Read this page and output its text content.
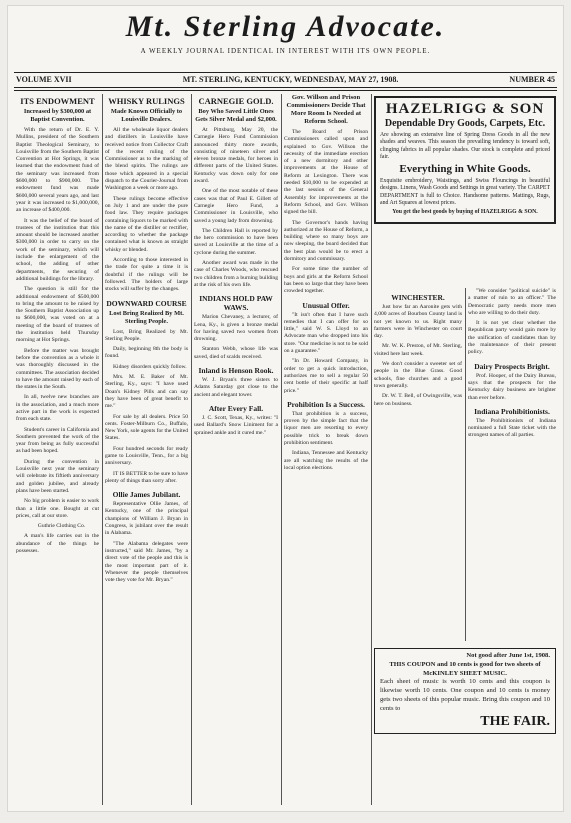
Mt. Sterling Advocate.
A WEEKLY JOURNAL IDENTICAL IN INTEREST WITH ITS OWN PEOPLE.
VOLUME XVII	MT. STERLING, KENTUCKY, WEDNESDAY, MAY 27, 1908.	NUMBER 45
ITS ENDOWMENT
Increased by $300,000 at Baptist Convention.
With the return of Dr. E. Y. Mullins, president of the Southern Baptist Theological Seminary, to Louisville from the Southern Baptist Convention at Hot Springs, it was learned that the endowment fund of the seminary was increased from $600,000 to $900,000. The endowment fund was made $600,000 several years ago, and last year it was increased to $1,000,000, an increase of $400,000.
It was the belief of the board of trustees of the institution that this amount should be increased another $300,000 in order to carry on the work of the seminary, which will include the enlargement of the school, the adding of other departments, the securing of additional buildings for the library.
The question is still for the additional endowment of $500,000 to bring the amount to be raised by the Southern Baptist Association up to $600,000, was voted on at a meeting of the board of trustees of the institution held Thursday morning at Hot Springs.
Before the matter was brought before the convention as a whole it was thoroughly discussed in the committees. The association decided to have the amount raised by each of the states in the South.
In all, twelve new branches are in the association, and a much more active part in the work is expected from each state.
Student's career in California and Southern prevented the work of the year from being as fully successful as had been hoped.
During the convention in Louisville next year the seminary will celebrate its fiftieth anniversary and golden jubilee, and already plans have been started.
No big problem is easier to work than a little one. Bought at cut prices, call at our store.
Guthrie Clothing Co.
A man's life carries out in the abundance of the things he possesses.
WHISKY RULINGS
Made Known Officially to Louisville Dealers.
All the wholesale liquor dealers and distillers in Louisville have received notice from Collector Craft of the recent ruling of the Commissioner as to the marking of the blend spirits. The rulings are those which appeared in a special dispatch to the Courier-Journal from Washington a week or more ago.
These rulings become effective on July 1 and are under the pure food law. They require packages containing liquors to be marked with the name of the distiller or rectifier, according to whether the package contained what is known as straight whisky or blended.
According to those interested in the trade for quite a time it is doubtful if the rulings will be followed. The holders of large stocks will suffer by the changes.
DOWNWARD COURSE
Lost Bring Realized By Mt. Sterling People.
Lost, Bring Realized by Mt. Sterling People.
Daily, beginning 8th the body is found.
Kidney disorders quickly follow.
Mrs. M. E. Baker of Mt. Sterling, Ky., says: "I have used Doan's Kidney Pills and can say they have been of great benefit to me."
For sale by all dealers. Price 50 cents. Foster-Milburn Co., Buffalo, New York, sole agents for the United States.
Four hundred seconds for ready game to Louisville, Tenn., for a big anniversary.
IT IS BETTER to be sure to have plenty of things than sorry after.
Ollie James Jubilant.
Representative Ollie James, of Kentucky, one of the principal champions of William J. Bryan in Congress, is jubilant over the result in Alabama.
"The Alabama delegates were instructed," said Mr. James, "by a direct vote of the people and this is the most important part of it. Whenever the people themselves vote they vote for Mr. Bryan."
CARNEGIE GOLD.
Boy Who Saved Little Ones Gets Silver Medal and $2,000.
At Pittsburg, May 20, the Carnegie Hero Fund Commission announced thirty more awards, consisting of nineteen silver and eleven bronze medals, for heroes in different parts of the United States. Kentucky was down only for one award.
One of the most notable of these cases was that of Paul E. Gillett of Carnegie Hero Fund, a Commissioner in Louisville, who saved a young lady from drowning.
The Children Hall is reported by the hero commission to have been saved at Louisville at the time of a cyclone during the summer.
Another award was made in the case of Charles Woods, who rescued two children from a burning building at the risk of his own life.
INDIANS HOLD PAW WAWS.
Marion Chevaney, a lecturer, of Lena, Ky., is given a bronze medal for having saved two women from drowning.
Stanton Webb, whose life was saved, died of scalds received.
Inland is Henson Rook.
W. J. Bryan's three sisters to Adams Saturday got close to the ancient and elegant tower.
After Every Fall.
J. C. Scott, Texas, Ky., writes: "I used Ballard's Snow Liniment for a sprained ankle and it cured me."
Gov. Willson and Prison Commissioners Decide That More Room Is Needed at Reform School.
The Board of Prison Commissioners called upon and explained to Gov. Willson the necessity of the immediate erection of a new dormitory and other improvements at the House of Reform at Lexington. There was needed $10,000 to be expended at the last session of the General Assembly for improvements at the Reform School, and Gov. Willson signed the bill.
The Governor's hands having authorized at the House of Reform, a building where so many boys are now sleeping, the board decided that the best plan would be to erect a dormitory and commissary.
For some time the number of boys and girls at the Reform School has been so large that they have been crowded together.
Unusual Offer.
"It isn't often that I have such remedies that I can offer for so little," said W. S. Lloyd to an Advocate man who dropped into his store. "Our medicine is not to be sold on a guarantee."
"In Dr. Howard Company, in order to get a quick introduction, authorizes me to sell a regular 50 cent bottle of their specific at half price."
Prohibition Is a Success.
That prohibition is a success, proven by the simple fact that the liquor men are resorting to every possible trick to break down prohibition sentiment.
Indiana, Tennessee and Kentucky are all watching the results of the local option elections.
HAZELRIGG & SON
Dependable Dry Goods, Carpets, Etc.
Are showing an extensive line of Spring Dress Goods in all the new shades and weaves. This season the prevailing tendency is toward soft, clinging fabrics in all popular shades. Our stock is complete and priced fair.
Everything in White Goods.
Exquisite embroidery, Waistings, and Swiss Flouncings in beautiful designs. Linens, Wash Goods and Settings in great variety. The CARPET DEPARTMENT is full to Choice. Handsome patterns. Mattings, Rugs, and Art Squares at lowest prices.
You get the best goods by buying of HAZELRIGG & SON.
WINCHESTER.
Just how far an Aaronite gets with 4,000 acres of Bourbon County land is not yet known to us. Right many farmers were in Winchester on court day.
Mr. W. K. Preston, of Mt. Sterling, visited here last week.
We don't consider a sweeter set of people in the Blue Grass. Good schools, fine churches and a good town generally.
Dr. W. T. Bell, of Owingsville, was here on business.
"We consider "political suicide" is a matter of ruin to an officer." The Democratic party needs more men who are willing to do their duty.
It is not yet clear whether the Republican party would gain more by the unification of candidates than by the maintenance of their present policy.
Dairy Prospects Bright.
Prof. Hooper, of the Dairy Bureau, says that the prospects for the Kentucky dairy business are brighter than ever before.
Indiana Prohibitionists.
The Prohibitionists of Indiana nominated a full State ticket with the strongest names of all parties.
Not good after June 1st, 1908.
THIS COUPON and 10 cents is good for two sheets of McKINLEY SHEET MUSIC.
Each sheet of music is worth 10 cents and this coupon is likewise worth 10 cents. One coupon and 10 cents is money gets two sheets of this popular music. Bring this coupon and 10 cents to
THE FAIR.
